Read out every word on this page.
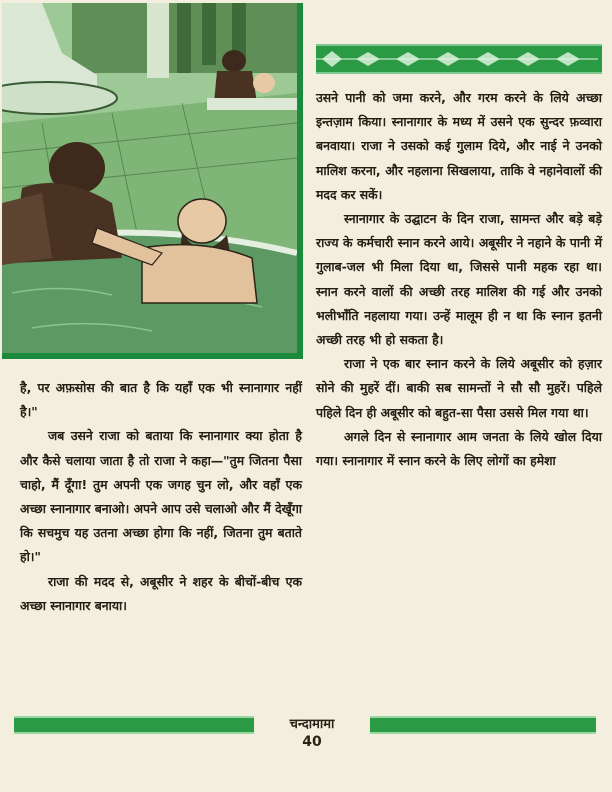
उसने पानी को जमा करने, और गरम करने के लिये अच्छा इन्तज़ाम किया। स्नानागार के मध्य में उसने एक सुन्दर फ़व्वारा बनवाया। राजा ने उसको कई गुलाम दिये, और नाई ने उनको मालिश करना, और नहलाना सिखलाया, ताकि वे नहानेवालों की मदद कर सकें।

स्नानागार के उद्घाटन के दिन राजा, सामन्त और बड़े बड़े राज्य के कर्मचारी स्नान करने आये। अबूसीर ने नहाने के पानी में गुलाब-जल भी मिला दिया था, जिससे पानी महक रहा था। स्नान करने वालों की अच्छी तरह मालिश की गई और उनको भलीभाँति नहलाया गया। उन्हें मालूम ही न था कि स्नान इतनी अच्छी तरह भी हो सकता है।

राजा ने एक बार स्नान करने के लिये अबूसीर को हज़ार सोने की मुहरें दीं। बाकी सब सामन्तों ने सौ सौ मुहरें। पहिले पहिले दिन ही अबूसीर को बहुत-सा पैसा उससे मिल गया था।

अगले दिन से स्नानागार आम जनता के लिये खोल दिया गया। स्नानागार में स्नान करने के लिए लोगों का हमेशा

है, पर अफ़सोस की बात है कि यहाँ एक भी स्नानागार नहीं है।"

जब उसने राजा को बताया कि स्नानागार क्या होता है और कैसे चलाया जाता है तो राजा ने कहा—"तुम जितना पैसा चाहो, मैं दूँगा! तुम अपनी एक जगह चुन लो, और वहाँ एक अच्छा स्नानागार बनाओ। अपने आप उसे चलाओ और मैं देखूँगा कि सचमुच यह उतना अच्छा होगा कि नहीं, जितना तुम बताते हो।"

राजा की मदद से, अबूसीर ने शहर के बीचों-बीच एक अच्छा स्नानागार बनाया।

चन्दामामा
40
